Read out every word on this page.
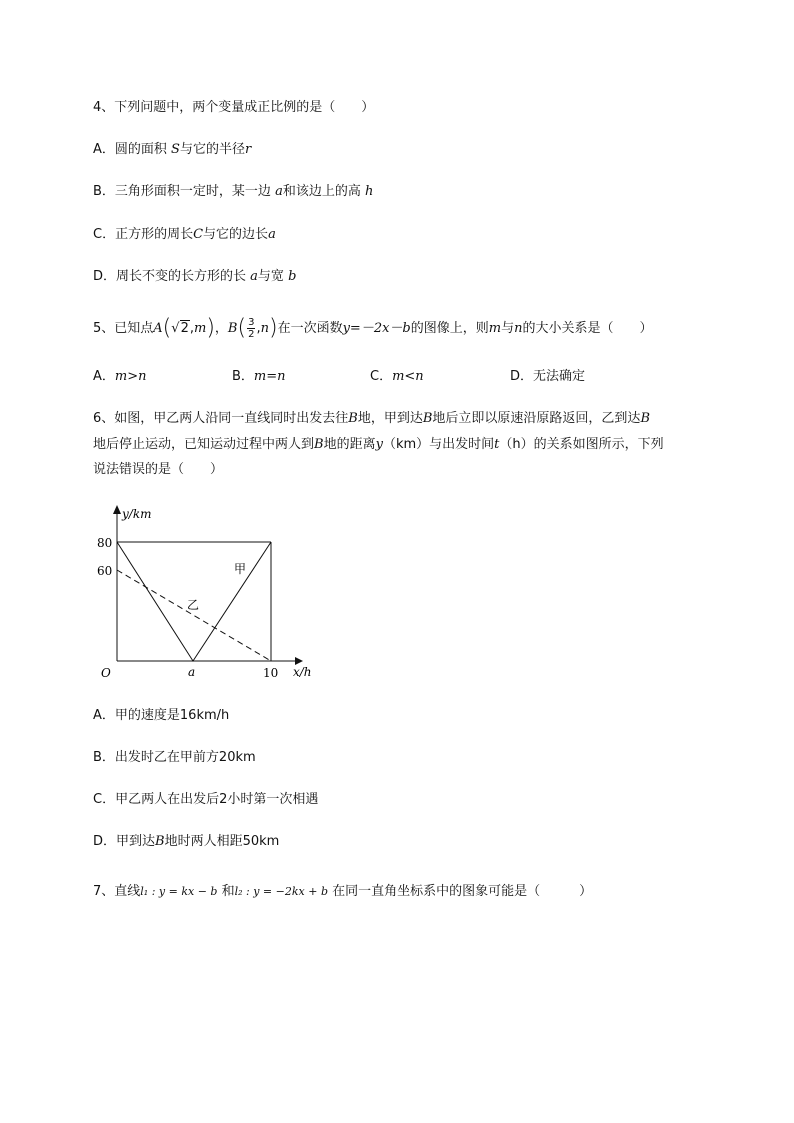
4、下列问题中，两个变量成正比例的是（　　）
A．圆的面积 S与它的半径r
B．三角形面积一定时，某一边 a和该边上的高 h
C．正方形的周长C与它的边长a
D．周长不变的长方形的长 a与宽 b
5、已知点A(√2,m)，$B( \frac{3}{2} ,n)$在一次函数y=－2x－b的图像上，则m与n的大小关系是（　　）
A．m>n	B．m=n	C．m<n	D．无法确定
6、如图，甲乙两人沿同一直线同时出发去往B地，甲到达B地后立即以原速沿原路返回，乙到达B
地后停止运动，已知运动过程中两人到B地的距离y（km）与出发时间t（h）的关系如图所示，下列
说法错误的是（　　）
y/km
x/h
O
80
60
a	10
甲
乙
A．甲的速度是16km/h
B．出发时乙在甲前方20km
C．甲乙两人在出发后2小时第一次相遇
D．甲到达B地时两人相距50km
7、直线l₁ : y = kx − b 和l₂ : y = −2kx + b 在同一直角坐标系中的图象可能是（　　　）
